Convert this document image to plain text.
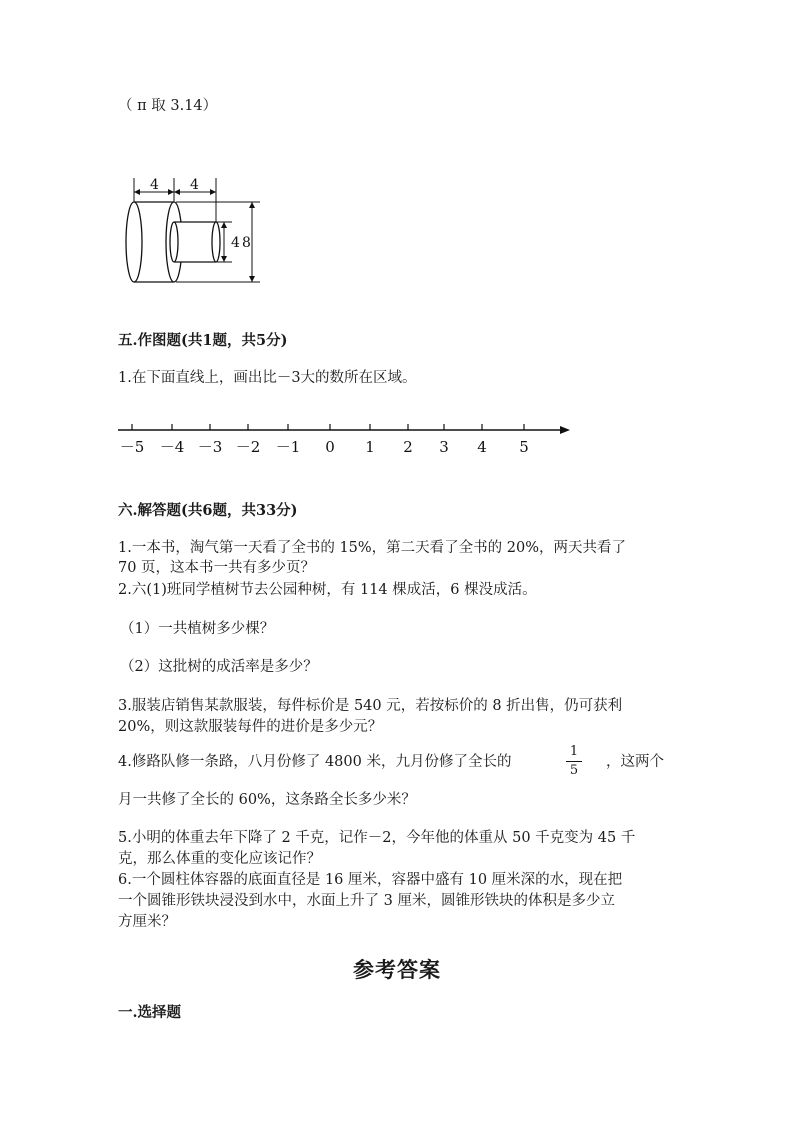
（ π 取 3.14）
4 4
4 8
五.作图题(共1题，共5分)
1.在下面直线上，画出比－3大的数所在区域。
－5 －4 －3 －2 －1 0 1 2 3 4 5
六.解答题(共6题，共33分)
1.一本书，淘气第一天看了全书的 15%，第二天看了全书的 20%，两天共看了
70 页，这本书一共有多少页？
2.六(1)班同学植树节去公园种树，有 114 棵成活，6 棵没成活。
（1）一共植树多少棵？
（2）这批树的成活率是多少？
3.服装店销售某款服装，每件标价是 540 元，若按标价的 8 折出售，仍可获利
20%，则这款服装每件的进价是多少元？
4.修路队修一条路，八月份修了 4800 米，九月份修了全长的
1
5
，这两个
月一共修了全长的 60%，这条路全长多少米？
5.小明的体重去年下降了 2 千克，记作－2，今年他的体重从 50 千克变为 45 千
克，那么体重的变化应该记作？
6.一个圆柱体容器的底面直径是 16 厘米，容器中盛有 10 厘米深的水，现在把
一个圆锥形铁块浸没到水中，水面上升了 3 厘米，圆锥形铁块的体积是多少立
方厘米？
参考答案
一.选择题
